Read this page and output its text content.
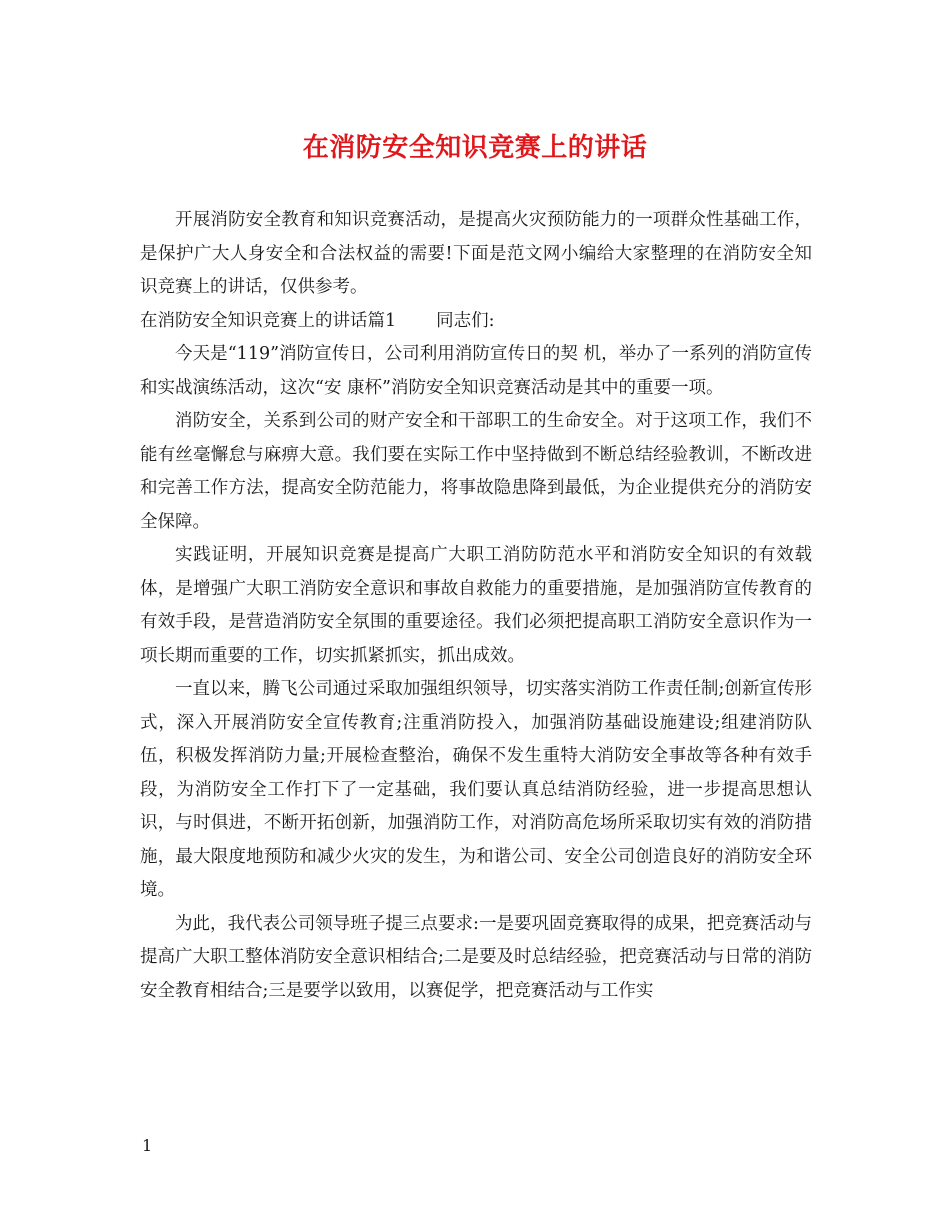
在消防安全知识竞赛上的讲话

开展消防安全教育和知识竞赛活动，是提高火灾预防能力的一项群众性基础工作，是保护广大人身安全和合法权益的需要!下面是范文网小编给大家整理的在消防安全知识竞赛上的讲话，仅供参考。

在消防安全知识竞赛上的讲话篇1 同志们:

今天是“119”消防宣传日，公司利用消防宣传日的契 机，举办了一系列的消防宣传和实战演练活动，这次“安 康杯”消防安全知识竞赛活动是其中的重要一项。

消防安全，关系到公司的财产安全和干部职工的生命安全。对于这项工作，我们不能有丝毫懈怠与麻痹大意。我们要在实际工作中坚持做到不断总结经验教训，不断改进和完善工作方法，提高安全防范能力，将事故隐患降到最低，为企业提供充分的消防安全保障。

实践证明，开展知识竞赛是提高广大职工消防防范水平和消防安全知识的有效载体，是增强广大职工消防安全意识和事故自救能力的重要措施，是加强消防宣传教育的有效手段，是营造消防安全氛围的重要途径。我们必须把提高职工消防安全意识作为一项长期而重要的工作，切实抓紧抓实，抓出成效。

一直以来，腾飞公司通过采取加强组织领导，切实落实消防工作责任制;创新宣传形式，深入开展消防安全宣传教育;注重消防投入，加强消防基础设施建设;组建消防队伍，积极发挥消防力量;开展检查整治，确保不发生重特大消防安全事故等各种有效手段，为消防安全工作打下了一定基础，我们要认真总结消防经验，进一步提高思想认识，与时俱进，不断开拓创新，加强消防工作，对消防高危场所采取切实有效的消防措施，最大限度地预防和减少火灾的发生，为和谐公司、安全公司创造良好的消防安全环境。

为此，我代表公司领导班子提三点要求:一是要巩固竞赛取得的成果，把竞赛活动与提高广大职工整体消防安全意识相结合;二是要及时总结经验，把竞赛活动与日常的消防安全教育相结合;三是要学以致用，以赛促学，把竞赛活动与工作实

1
